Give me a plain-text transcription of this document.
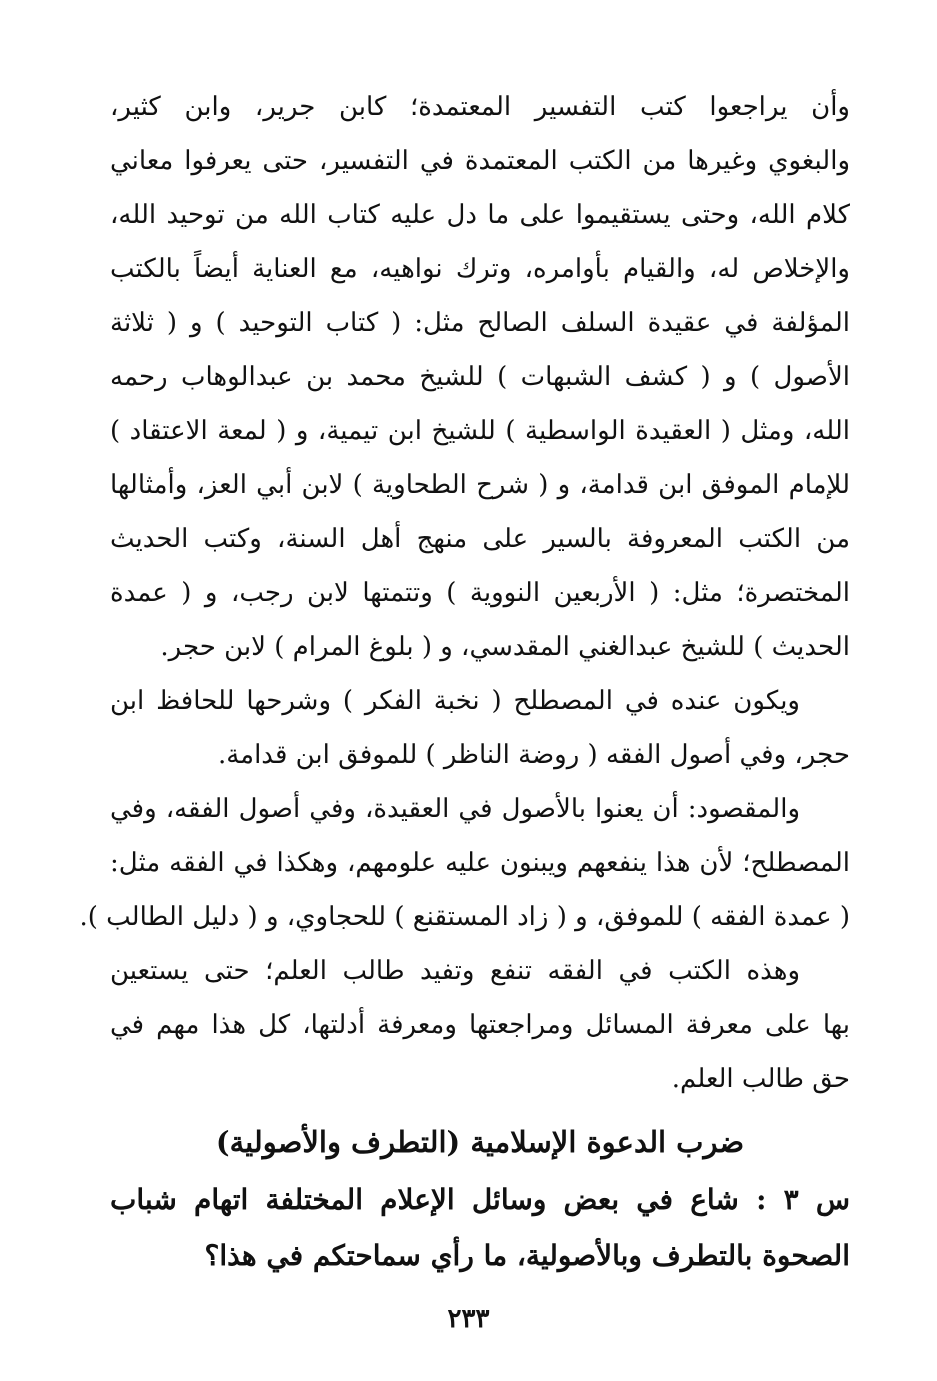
وأن يراجعوا كتب التفسير المعتمدة؛ كابن جرير، وابن كثير،
والبغوي وغيرها من الكتب المعتمدة في التفسير، حتى يعرفوا معاني
كلام الله، وحتى يستقيموا على ما دل عليه كتاب الله من توحيد الله،
والإخلاص له، والقيام بأوامره، وترك نواهيه، مع العناية أيضاً بالكتب
المؤلفة في عقيدة السلف الصالح مثل: ( كتاب التوحيد ) و ( ثلاثة
الأصول ) و ( كشف الشبهات ) للشيخ محمد بن عبدالوهاب رحمه
الله، ومثل ( العقيدة الواسطية ) للشيخ ابن تيمية، و ( لمعة الاعتقاد )
للإمام الموفق ابن قدامة، و ( شرح الطحاوية ) لابن أبي العز، وأمثالها
من الكتب المعروفة بالسير على منهج أهل السنة، وكتب الحديث
المختصرة؛ مثل: ( الأربعين النووية ) وتتمتها لابن رجب، و ( عمدة
الحديث ) للشيخ عبدالغني المقدسي، و ( بلوغ المرام ) لابن حجر.
ويكون عنده في المصطلح ( نخبة الفكر ) وشرحها للحافظ ابن
حجر، وفي أصول الفقه ( روضة الناظر ) للموفق ابن قدامة.
والمقصود: أن يعنوا بالأصول في العقيدة، وفي أصول الفقه، وفي
المصطلح؛ لأن هذا ينفعهم ويبنون عليه علومهم، وهكذا في الفقه مثل:
( عمدة الفقه ) للموفق، و ( زاد المستقنع ) للحجاوي، و ( دليل الطالب ).
وهذه الكتب في الفقه تنفع وتفيد طالب العلم؛ حتى يستعين
بها على معرفة المسائل ومراجعتها ومعرفة أدلتها، كل هذا مهم في
حق طالب العلم.
ضرب الدعوة الإسلامية (التطرف والأصولية)
س ٣ : شاع في بعض وسائل الإعلام المختلفة اتهام شباب
الصحوة بالتطرف وبالأصولية، ما رأي سماحتكم في هذا؟
٢٣٣
